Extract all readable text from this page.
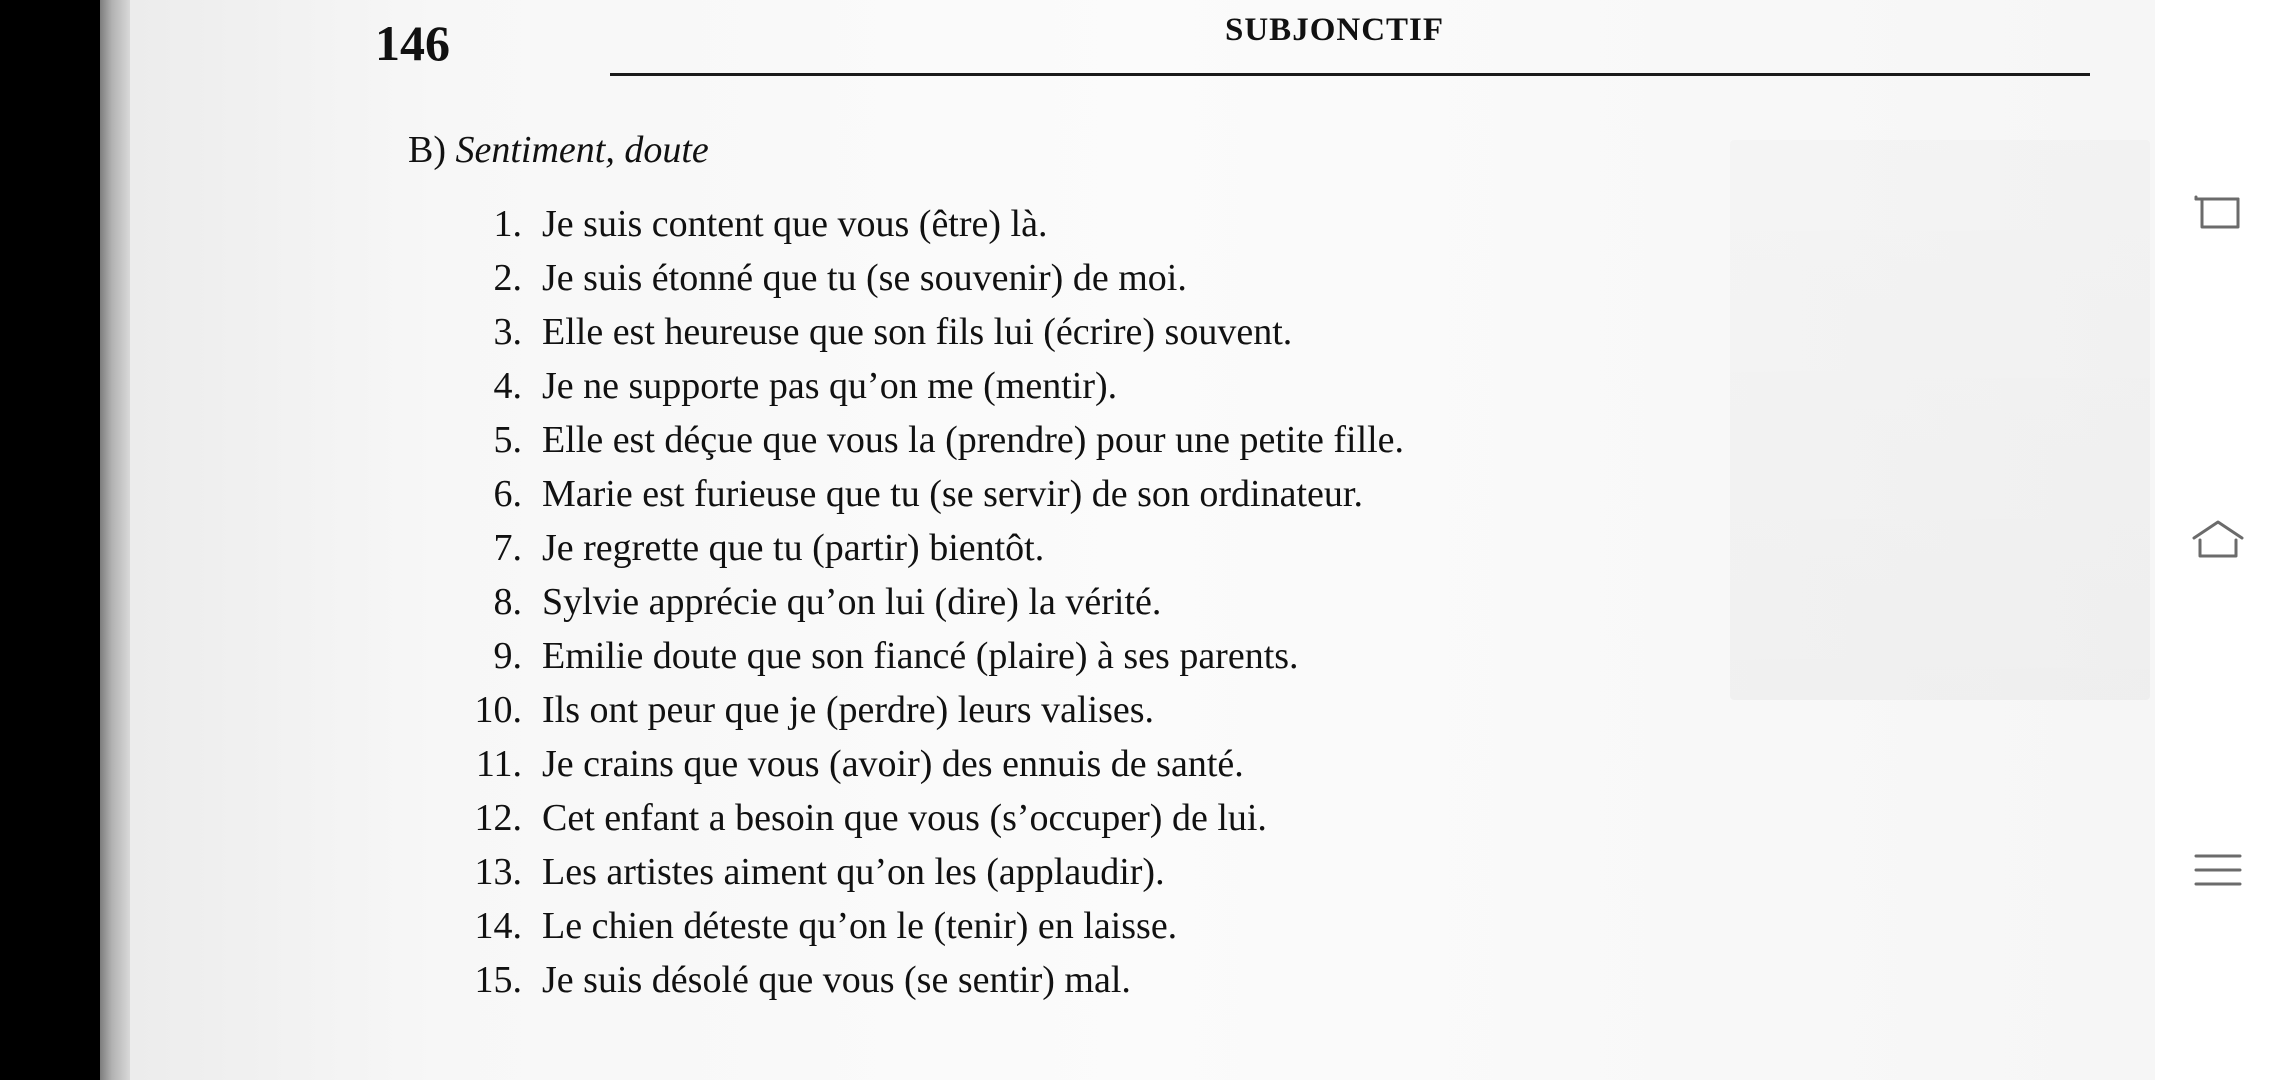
146	SUBJONCTIF
B) Sentiment, doute
1. Je suis content que vous (être) là.
2. Je suis étonné que tu (se souvenir) de moi.
3. Elle est heureuse que son fils lui (écrire) souvent.
4. Je ne supporte pas qu’on me (mentir).
5. Elle est déçue que vous la (prendre) pour une petite fille.
6. Marie est furieuse que tu (se servir) de son ordinateur.
7. Je regrette que tu (partir) bientôt.
8. Sylvie apprécie qu’on lui (dire) la vérité.
9. Emilie doute que son fiancé (plaire) à ses parents.
10. Ils ont peur que je (perdre) leurs valises.
11. Je crains que vous (avoir) des ennuis de santé.
12. Cet enfant a besoin que vous (s’occuper) de lui.
13. Les artistes aiment qu’on les (applaudir).
14. Le chien déteste qu’on le (tenir) en laisse.
15. Je suis désolé que vous (se sentir) mal.
